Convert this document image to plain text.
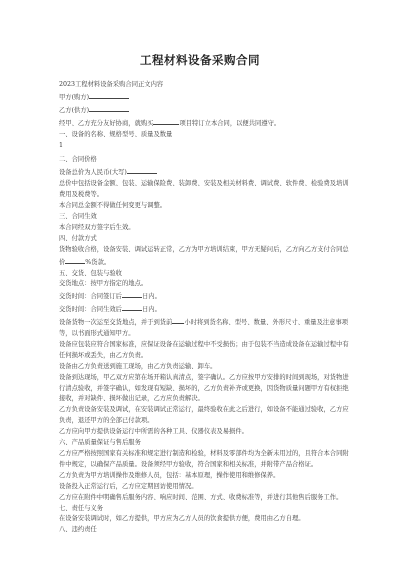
工程材料设备采购合同
2023工程材料设备采购合同正文内容
甲方(购方)
乙方(供方)
经甲、乙方充分友好协商，就购买	项目特订立本合同，以便共同遵守。
一、设备的名称、规格型号、质量及数量
1
二、合同价格
设备总价为人民币(大写)
总价中包括设备金额、包装、运输保险费、装卸费、安装及相关材料费、调试费、软件费、检验费及培训费用及税费等。
本合同总金额不得做任何变更与调整。
三、合同生效
本合同经双方签字后生效。
四、付款方式
货物验收合格，设备安装、调试运转正常，乙方为甲方培训结束，甲方无疑问后，乙方向乙方支付合同总价	%货款。
五、交货、包装与验收
交货地点：按甲方指定的地点。
交货时间：合同签订后	日内。
交货时间：合同生效后	日内。
设备货物一次运至交货地点，并于到货前 小时将到货名称、型号、数量、外形尺寸、重量及注意事项等，以书面形式通知甲方。
设备应包装应符合国家标准，应保证设备在运输过程中不受损伤；由于包装不当造成设备在运输过程中有任何损坏或丢失，由乙方负责。
设备由乙方负责送到施工现场，由乙方负责运输、卸车。
设备到达现场，甲乙双方应第在场开箱认真清点，签字确认。乙方应按甲方安排的时间到现场，对货物进行清点验收，并签字确认，如发现有短缺、损坏的，乙方负责补齐或更换，因货物质量问题甲方有权拒绝接收，并对缺件、损坏做出记录，乙方应负责解决。
乙方负责设备安装及调试，在安装调试正常运行，最终验收在此之后进行，如设备不能通过验收，乙方应负责，退还甲方的全部已付款项。
乙方应向甲方提供设备运行中所需的各种工具、仪器仪表及易损件。
六、产品质量保证与售后服务
乙方应严格按照国家有关标准和规定进行制造和检验，材料及零部件均为全新未用过的，且符合本合同附件中规定，以确保产品质量。设备须经甲方验收，符合国家和相关标准，并附带产品合格证。
乙方负责为甲方培训操作及维修人员，包括：基本原理，操作使用和维修保养。
设备投入正常运行后，乙方应定期回访使用情况。
乙方应在附件中明确售后服务内容、响应时间、范围、方式、收费标准等，并进行其他售后服务工作。
七、责任与义务
在设备安装调试时，如乙方提供，甲方应为乙方人员的饮食提供方便，费用由乙方自理。
八、违约责任
